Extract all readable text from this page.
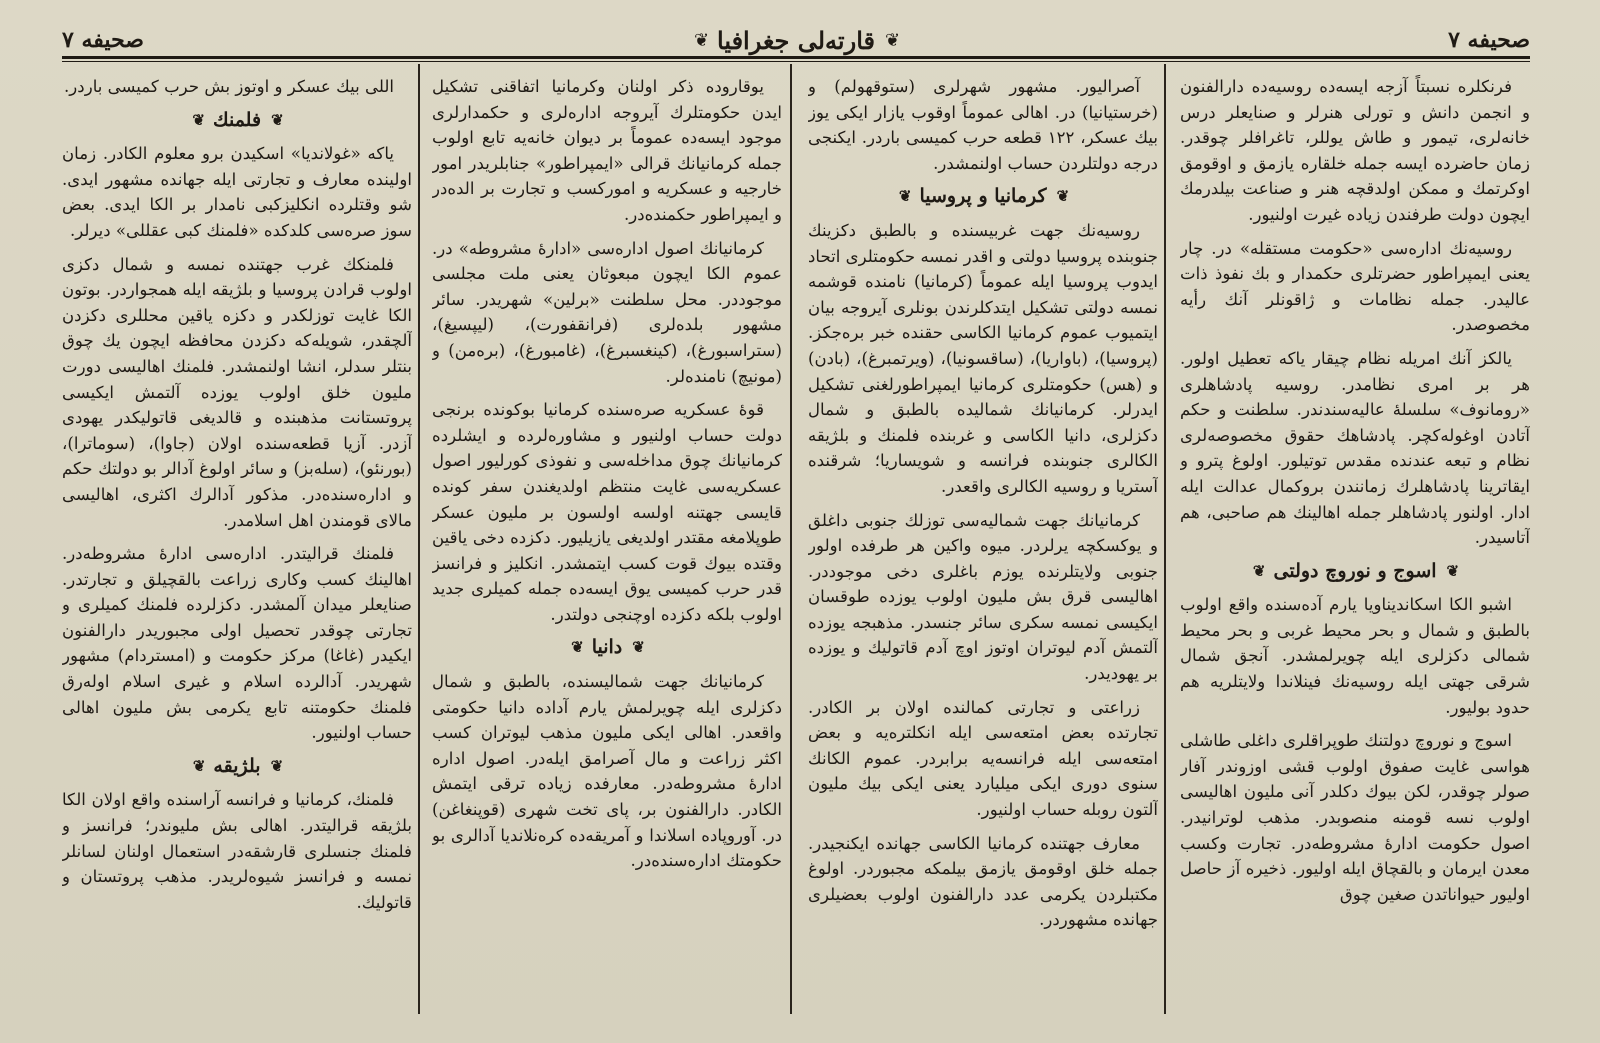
صحيفه ٧
❦
قارتەلى جغرافيا
❦
صحيفه ٧

فرنكلره نسبتاً آزجه ايسەده روسيەده دارالفنون و انجمن دانش و تورلى هنرلر و صنايعلر درس خانەلرى، تيمور و طاش يوللر، تاغرافلر چوقدر. زمان حاضرده ايسه جمله خلقاره يازمق و اوقومق اوكرتمك و ممكن اولدقچه هنر و صناعت بيلدرمك ايچون دولت طرفندن زياده غيرت اولنيور.

روسيەنك ادارەسى «حكومت مستقله» در. چار يعنى ايمپراطور حضرتلرى حكمدار و بك نفوذ ذات عاليدر. جمله نظامات و ژاقونلر آنك رأيه مخصوصدر.

يالكز آنك امريله نظام چيقار ياكه تعطيل اولور. هر بر امرى نظامدر. روسيه پادشاهلرى «رومانوف» سلسلۀ عاليەسندندر. سلطنت و حكم آتادن اوغولەكچر. پادشاهك حقوق مخصوصەلرى نظام و تبعه عندنده مقدس توتيلور. اولوغ پترو و ايقاترينا پادشاهلرك زمانندن بروكمال عدالت ايله ادار. اولنور پادشاهلر جمله اهالينك هم صاحبى، هم آتاسيدر.

❦
اسوج و نوروچ دولتى
❦

اشبو الكا اسكانديناويا يارم آدەسنده واقع اولوب بالطبق و شمال و بحر محيط غربى و بحر محيط شمالى دكزلرى ايله چويرلمشدر. آنجق شمال شرقى جهتى ايله روسيەنك فينلاندا ولايتلريه هم حدود بوليور.

اسوج و نوروچ دولتنك طوپراقلرى داغلى طاشلى هواسى غايت صفوق اولوب قشى اوزوندر آفار صولر چوقدر، لكن بيوك دكلدر آنى مليون اهاليسى اولوب نسه قومنه منصوبدر. مذهب لوترانيدر. اصول حكومت ادارۀ مشروطەدر. تجارت وكسب معدن ايرمان و بالقچاق ايله اوليور. ذخيره آز حاصل اوليور حيواناتدن صغين چوق

آصراليور. مشهور شهرلرى (ستوقهولم) و (خرستيانيا) در. اهالى عموماً اوقوب يازار ايكى يوز بيك عسكر، ١٢٢ قطعه حرب كميسى باردر. ايكنجى درجه دولتلردن حساب اولنمشدر.

❦
كرمانيا و پروسيا
❦

روسيەنك جهت غربيسنده و بالطبق دكزينك جنوبنده پروسيا دولتى و اقدر نمسه حكومتلرى اتحاد ايدوب پروسيا ايله عموماً (كرمانيا) نامنده قوشمه نمسه دولتى تشكيل ايتدكلرندن بونلرى آيروجه بيان ايتميوب عموم كرمانيا الكاسى حقنده خبر برەجكز. (پروسيا)، (باواريا)، (ساقسونيا)، (ويرتمبرغ)، (بادن) و (هس) حكومتلرى كرمانيا ايمپراطورلغنى تشكيل ايدرلر. كرمانيانك شماليده بالطبق و شمال دكزلرى، دانيا الكاسى و غربنده فلمنك و بلژيقه الكالرى جنوبنده فرانسه و شويساريا؛ شرقنده آستريا و روسيه الكالرى واقعدر.

كرمانيانك جهت شماليەسى توزلك جنوبى داغلق و يوكسكچه يرلردر. ميوه واكين هر طرفده اولور جنوبى ولايتلرنده يوزم باغلرى دخى موجوددر. اهاليسى قرق بش مليون اولوب يوزده طوقسان ايكيسى نمسه سكرى سائر جنسدر. مذهبجه يوزده آلتمش آدم ليوتران اوتوز اوچ آدم قاتوليك و يوزده بر يهوديدر.

زراعتى و تجارتى كمالنده اولان بر الكادر. تجارتده بعض امتعەسى ايله انكلترەيه و بعض امتعەسى ايله فرانسەيه برابردر. عموم الكانك سنوى دورى ايكى ميليارد يعنى ايكى بيك مليون آلتون روبله حساب اولنيور.

معارف جهتنده كرمانيا الكاسى جهانده ايكنجيدر. جمله خلق اوقومق يازمق بيلمكه مجبوردر. اولوغ مكتبلردن يكرمى عدد دارالفنون اولوب بعضيلرى جهانده مشهوردر.

يوقاروده ذكر اولنان وكرمانيا اتفاقنى تشكيل ايدن حكومتلرك آيروجه ادارەلرى و حكمدارلرى موجود ايسەده عموماً بر ديوان خانەيه تابع اولوب جمله كرمانيانك قرالى «ايمپراطور» جنابلريدر امور خارجيه و عسكريه و اموركسب و تجارت بر الدەدر و ايمپراطور حكمندەدر.

كرمانيانك اصول ادارەسى «ادارۀ مشروطه» در. عموم الكا ايچون مبعوثان يعنى ملت مجلسى موجوددر. محل سلطنت «برلين» شهريدر. سائر مشهور بلدەلرى (فرانقفورت)، (ليپسيغ)، (ستراسبورغ)، (كينغسبرغ)، (غامبورغ)، (برەمن) و (مونيچ) نامندەلر.

قوۀ عسكريه صرەسنده كرمانيا بوكونده برنجى دولت حساب اولنيور و مشاورەلرده و ايشلرده كرمانيانك چوق مداخلەسى و نفوذى كورليور اصول عسكريەسى غايت منتظم اولديغندن سفر كونده قايسى جهتنه اولسه اولسون بر مليون عسكر طوپلامغه مقتدر اولديغى يازيليور. دكزده دخى ياقين وقتده بيوك قوت كسب ايتمشدر. انكليز و فرانسز قدر حرب كميسى يوق ايسەده جمله كميلرى جديد اولوب بلكه دكزده اوچنجى دولتدر.

❦
دانيا
❦

كرمانيانك جهت شماليسنده، بالطبق و شمال دكزلرى ايله چويرلمش يارم آداده دانيا حكومتى واقعدر. اهالى ايكى مليون مذهب ليوتران كسب اكثر زراعت و مال آصرامق ايلەدر. اصول ادارە ادارۀ مشروطەدر. معارفده زياده ترقى ايتمش الكادر. دارالفنون بر، پاى تخت شهرى (قوپنغاغن) در. آوروپاده اسلاندا و آمريقەده كرەنلانديا آدالرى بو حكومتك ادارەسندەدر.

اللى بيك عسكر و اوتوز بش حرب كميسى باردر.

❦
فلمنك
❦

ياكه «غولانديا» اسكيدن برو معلوم الكادر. زمان اولينده معارف و تجارتى ايله جهانده مشهور ايدى. شو وقتلرده انكليزكبى نامدار بر الكا ايدى. بعض سوز صرەسى كلدكده «فلمنك كبى عقللى» ديرلر.

فلمنكك غرب جهتنده نمسه و شمال دكزى اولوب قرادن پروسيا و بلژيقه ايله همجواردر. بوتون الكا غايت توزلكدر و دكزه ياقين محللرى دكزدن آلچقدر، شويلەكه دكزدن محافظه ايچون يك چوق بنتلر سدلر، انشا اولنمشدر. فلمنك اهاليسى دورت مليون خلق اولوب يوزده آلتمش ايكيسى پروتستانت مذهبنده و قالديغى قاتوليكدر يهودى آزدر. آزيا قطعەسنده اولان (جاوا)، (سوماترا)، (بورنئو)، (سلەبز) و سائر اولوغ آدالر بو دولتك حكم و ادارەسندەدر. مذكور آدالرك اكثرى، اهاليسى مالاى قومندن اهل اسلامدر.

فلمنك قراليتدر. ادارەسى ادارۀ مشروطەدر. اهالينك كسب وكارى زراعت بالقچيلق و تجارتدر. صنايعلر ميدان آلمشدر. دكزلرده فلمنك كميلرى و تجارتى چوقدر تحصيل اولى مجبوريدر دارالفنون ايكيدر (غاغا) مركز حكومت و (امستردام) مشهور شهريدر. آدالرده اسلام و غيرى اسلام اولەرق فلمنك حكومتنه تابع يكرمى بش مليون اهالى حساب اولنيور.

❦
بلژيقه
❦

فلمنك، كرمانيا و فرانسه آراسنده واقع اولان الكا بلژيقه قراليتدر. اهالى بش مليوندر؛ فرانسز و فلمنك جنسلرى قارشقەدر استعمال اولنان لسانلر نمسه و فرانسز شيوەلريدر. مذهب پروتستان و قاتوليك.
